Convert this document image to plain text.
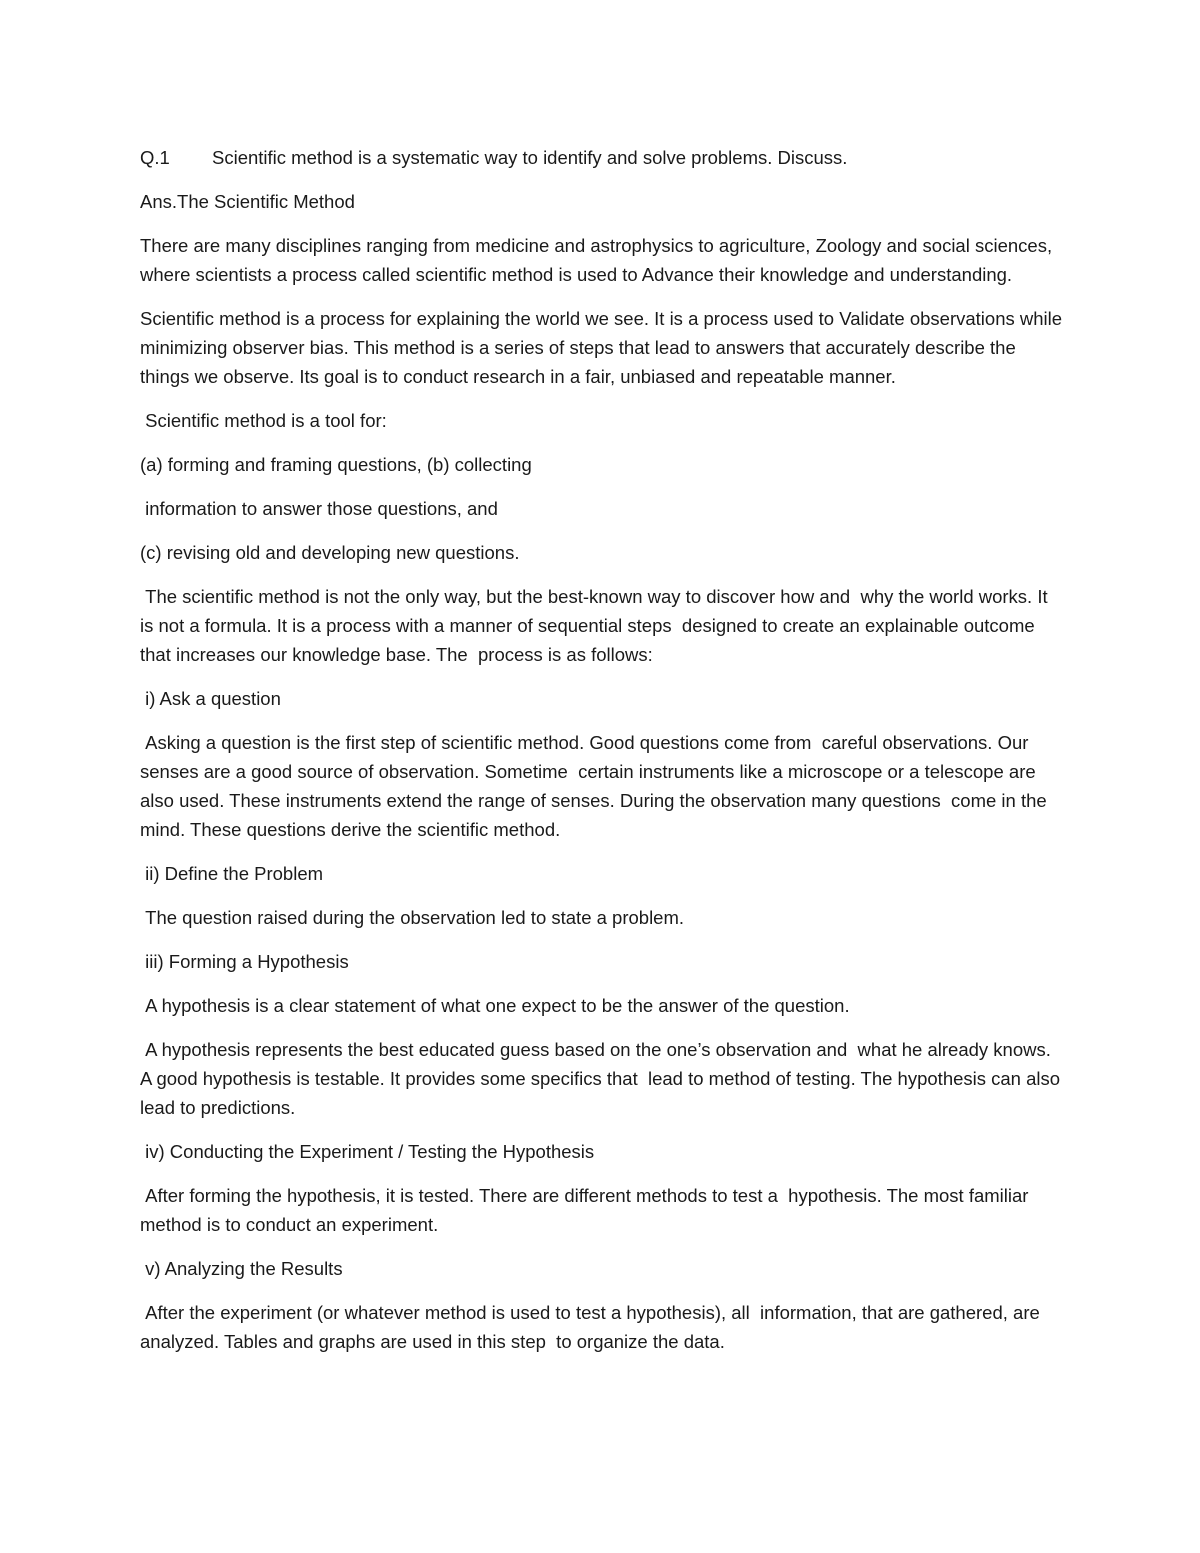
Q.1	Scientific method is a systematic way to identify and solve problems. Discuss.

Ans.The Scientific Method

There are many disciplines ranging from medicine and astrophysics to agriculture, Zoology and social sciences, where scientists a process called scientific method is used to Advance their knowledge and understanding.

Scientific method is a process for explaining the world we see. It is a process used to Validate observations while minimizing observer bias. This method is a series of steps that lead to answers that accurately describe the things we observe. Its goal is to conduct research in a fair, unbiased and repeatable manner.

Scientific method is a tool for:

(a) forming and framing questions, (b) collecting

information to answer those questions, and

(c) revising old and developing new questions.

The scientific method is not the only way, but the best-known way to discover how and  why the world works. It is not a formula. It is a process with a manner of sequential steps  designed to create an explainable outcome that increases our knowledge base. The  process is as follows:

i) Ask a question

Asking a question is the first step of scientific method. Good questions come from  careful observations. Our senses are a good source of observation. Sometime  certain instruments like a microscope or a telescope are also used. These instruments extend the range of senses. During the observation many questions  come in the mind. These questions derive the scientific method.

ii) Define the Problem

The question raised during the observation led to state a problem.

iii) Forming a Hypothesis

A hypothesis is a clear statement of what one expect to be the answer of the question.

A hypothesis represents the best educated guess based on the one’s observation and  what he already knows. A good hypothesis is testable. It provides some specifics that  lead to method of testing. The hypothesis can also lead to predictions.

iv) Conducting the Experiment / Testing the Hypothesis

After forming the hypothesis, it is tested. There are different methods to test a  hypothesis. The most familiar method is to conduct an experiment.

v) Analyzing the Results

After the experiment (or whatever method is used to test a hypothesis), all  information, that are gathered, are analyzed. Tables and graphs are used in this step  to organize the data.
